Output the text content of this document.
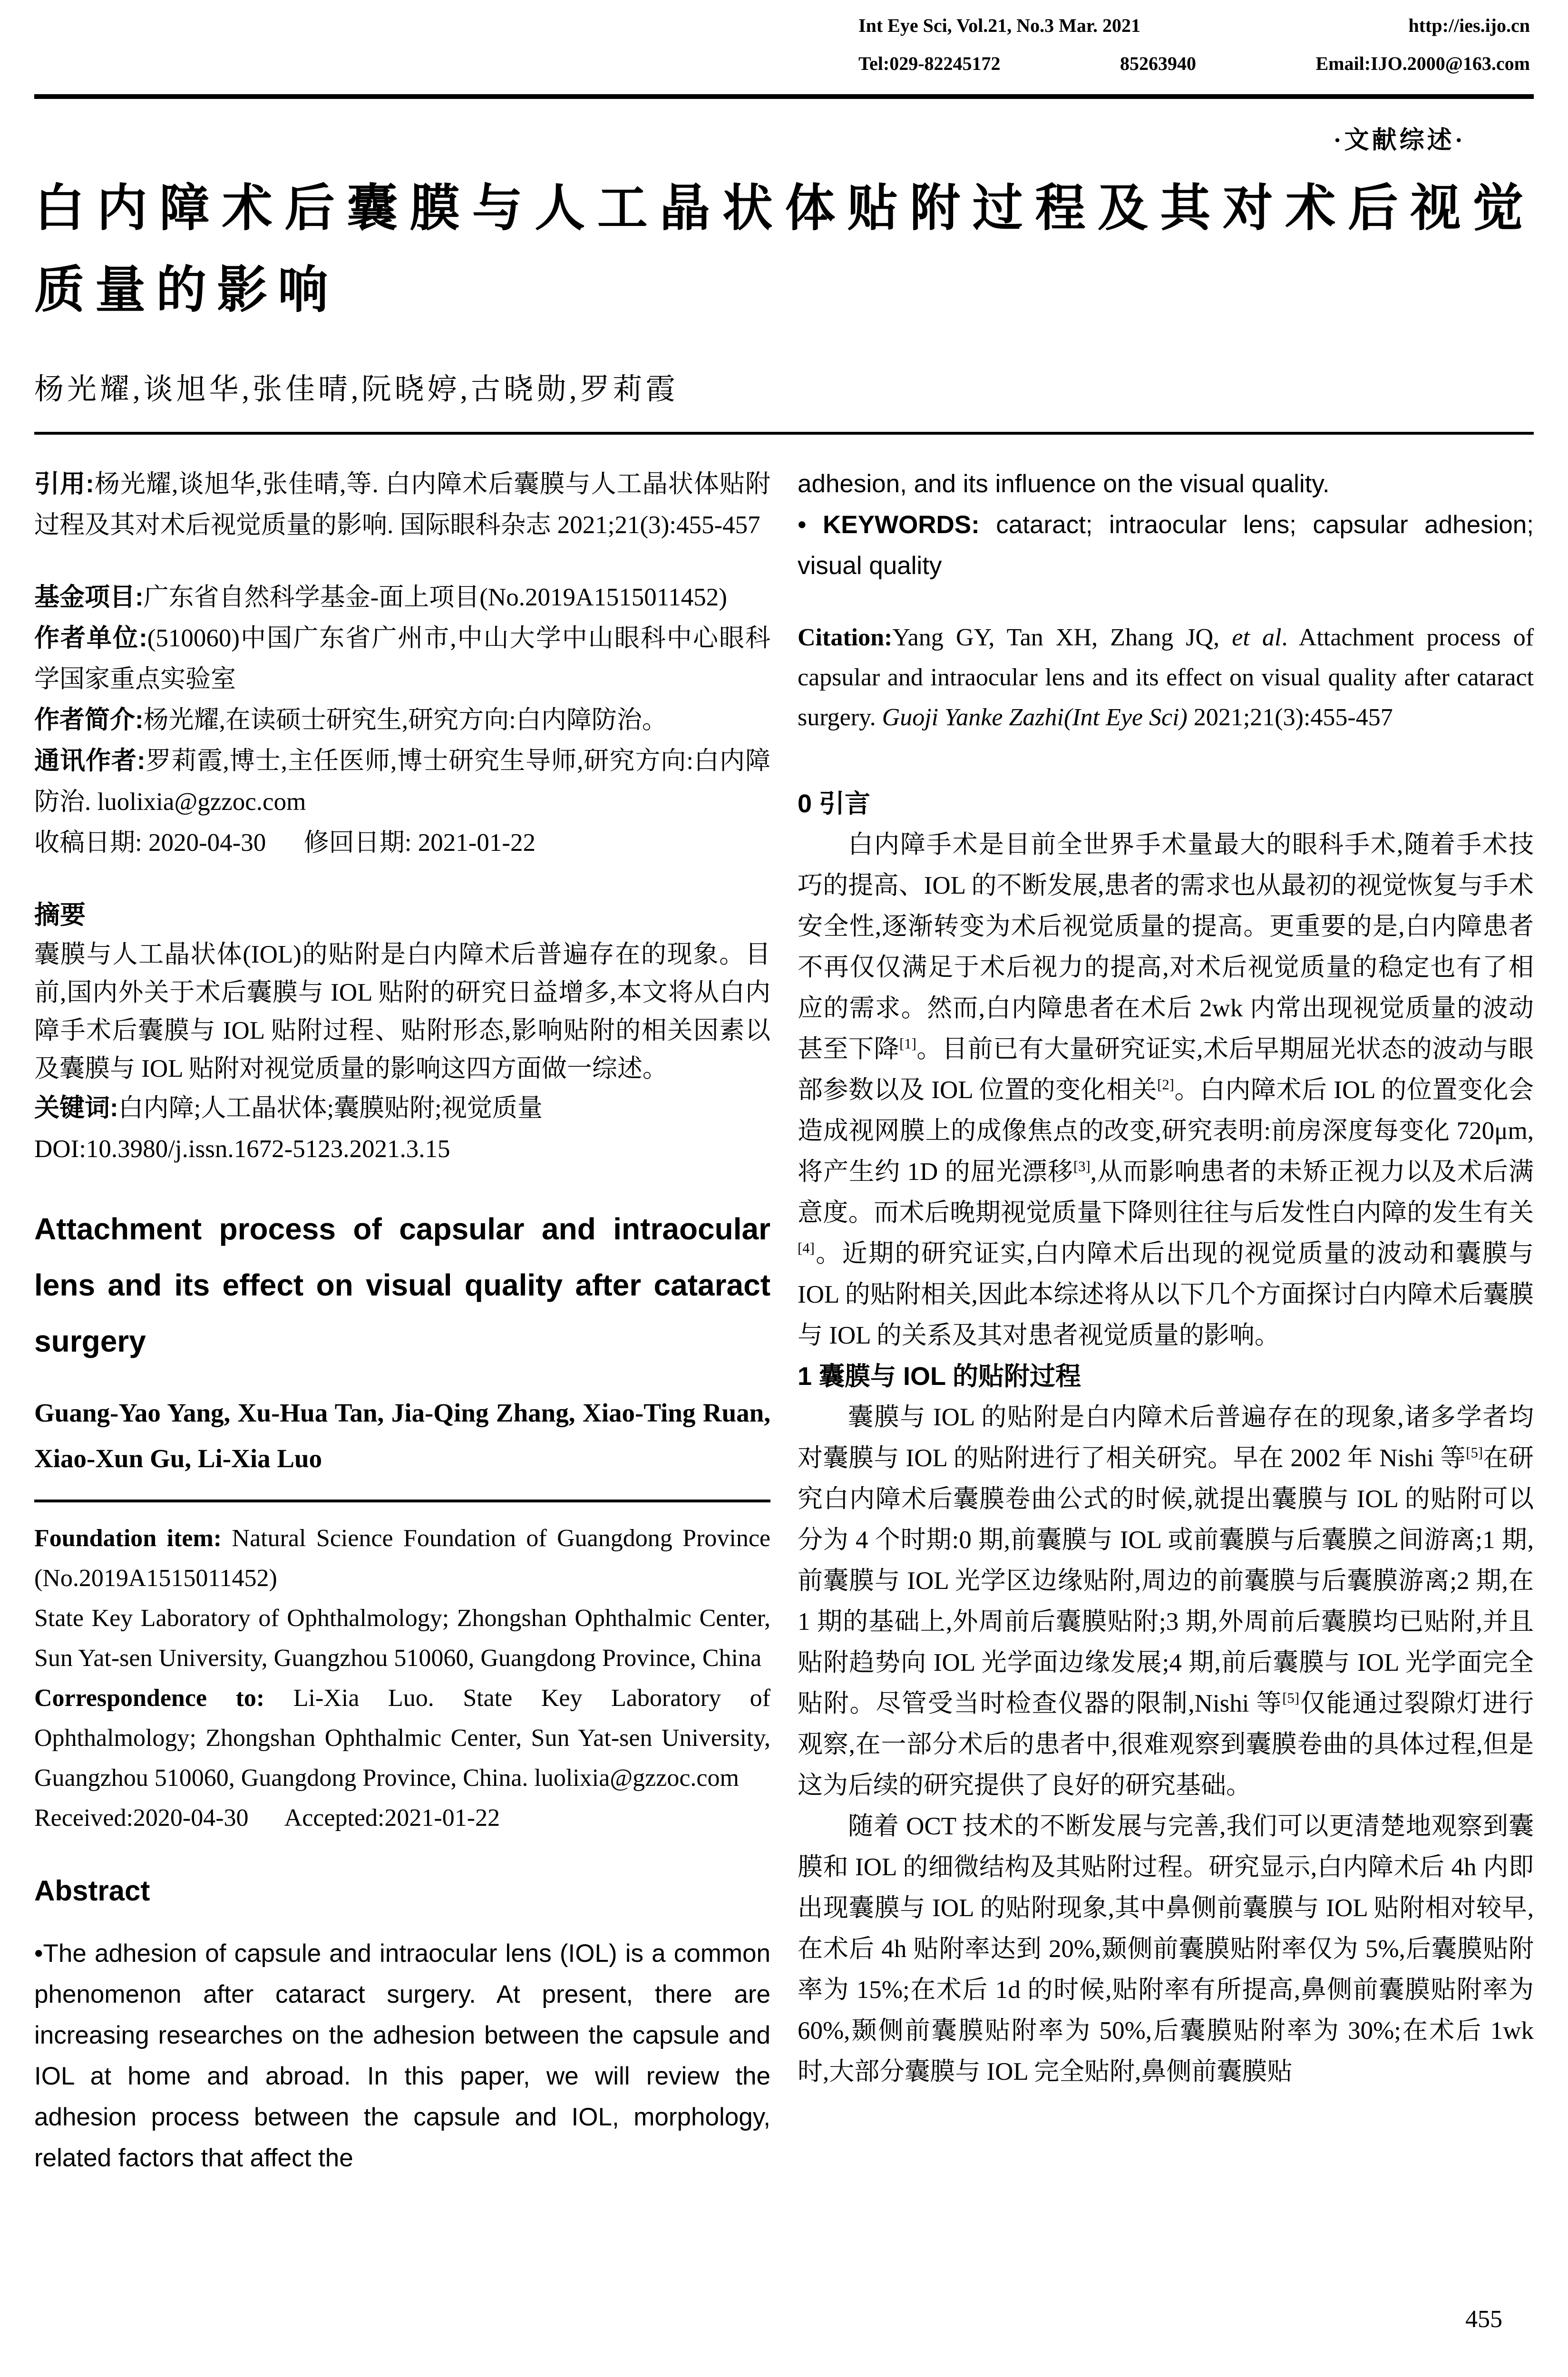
Int Eye Sci, Vol.21, No.3 Mar. 2021	http://ies.ijo.cn
Tel:029-82245172	85263940	Email:IJO.2000@163.com
·文献综述·
白内障术后囊膜与人工晶状体贴附过程及其对术后视觉质量的影响
杨光耀,谈旭华,张佳晴,阮晓婷,古晓勋,罗莉霞

引用:杨光耀,谈旭华,张佳晴,等. 白内障术后囊膜与人工晶状体贴附过程及其对术后视觉质量的影响. 国际眼科杂志 2021;21(3):455-457

基金项目:广东省自然科学基金-面上项目(No.2019A1515011452)

作者单位:(510060)中国广东省广州市,中山大学中山眼科中心眼科学国家重点实验室

作者简介:杨光耀,在读硕士研究生,研究方向:白内障防治。

通讯作者:罗莉霞,博士,主任医师,博士研究生导师,研究方向:白内障防治. luolixia@gzzoc.com

收稿日期: 2020-04-30      修回日期: 2021-01-22

摘要

囊膜与人工晶状体(IOL)的贴附是白内障术后普遍存在的现象。目前,国内外关于术后囊膜与 IOL 贴附的研究日益增多,本文将从白内障手术后囊膜与 IOL 贴附过程、贴附形态,影响贴附的相关因素以及囊膜与 IOL 贴附对视觉质量的影响这四方面做一综述。

关键词:白内障;人工晶状体;囊膜贴附;视觉质量

DOI:10.3980/j.issn.1672-5123.2021.3.15

Attachment process of capsular and intraocular lens and its effect on visual quality after cataract surgery

Guang-Yao Yang, Xu-Hua Tan, Jia-Qing Zhang, Xiao-Ting Ruan, Xiao-Xun Gu, Li-Xia Luo

Foundation item: Natural Science Foundation of Guangdong Province (No.2019A1515011452)

State Key Laboratory of Ophthalmology; Zhongshan Ophthalmic Center, Sun Yat-sen University, Guangzhou 510060, Guangdong Province, China

Correspondence to: Li-Xia Luo. State Key Laboratory of Ophthalmology; Zhongshan Ophthalmic Center, Sun Yat-sen University, Guangzhou 510060, Guangdong Province, China. luolixia@gzzoc.com

Received:2020-04-30      Accepted:2021-01-22

Abstract

•The adhesion of capsule and intraocular lens (IOL) is a common phenomenon after cataract surgery. At present, there are increasing researches on the adhesion between the capsule and IOL at home and abroad. In this paper, we will review the adhesion process between the capsule and IOL, morphology, related factors that affect the

adhesion, and its influence on the visual quality.

• KEYWORDS: cataract; intraocular lens; capsular adhesion; visual quality

Citation:Yang GY, Tan XH, Zhang JQ, et al. Attachment process of capsular and intraocular lens and its effect on visual quality after cataract surgery. Guoji Yanke Zazhi(Int Eye Sci) 2021;21(3):455-457

0 引言

白内障手术是目前全世界手术量最大的眼科手术,随着手术技巧的提高、IOL 的不断发展,患者的需求也从最初的视觉恢复与手术安全性,逐渐转变为术后视觉质量的提高。更重要的是,白内障患者不再仅仅满足于术后视力的提高,对术后视觉质量的稳定也有了相应的需求。然而,白内障患者在术后 2wk 内常出现视觉质量的波动甚至下降[1]。目前已有大量研究证实,术后早期屈光状态的波动与眼部参数以及 IOL 位置的变化相关[2]。白内障术后 IOL 的位置变化会造成视网膜上的成像焦点的改变,研究表明:前房深度每变化 720μm,将产生约 1D 的屈光漂移[3],从而影响患者的未矫正视力以及术后满意度。而术后晚期视觉质量下降则往往与后发性白内障的发生有关[4]。近期的研究证实,白内障术后出现的视觉质量的波动和囊膜与 IOL 的贴附相关,因此本综述将从以下几个方面探讨白内障术后囊膜与 IOL 的关系及其对患者视觉质量的影响。

1 囊膜与 IOL 的贴附过程

囊膜与 IOL 的贴附是白内障术后普遍存在的现象,诸多学者均对囊膜与 IOL 的贴附进行了相关研究。早在 2002 年 Nishi 等[5]在研究白内障术后囊膜卷曲公式的时候,就提出囊膜与 IOL 的贴附可以分为 4 个时期:0 期,前囊膜与 IOL 或前囊膜与后囊膜之间游离;1 期,前囊膜与 IOL 光学区边缘贴附,周边的前囊膜与后囊膜游离;2 期,在 1 期的基础上,外周前后囊膜贴附;3 期,外周前后囊膜均已贴附,并且贴附趋势向 IOL 光学面边缘发展;4 期,前后囊膜与 IOL 光学面完全贴附。尽管受当时检查仪器的限制,Nishi 等[5]仅能通过裂隙灯进行观察,在一部分术后的患者中,很难观察到囊膜卷曲的具体过程,但是这为后续的研究提供了良好的研究基础。

随着 OCT 技术的不断发展与完善,我们可以更清楚地观察到囊膜和 IOL 的细微结构及其贴附过程。研究显示,白内障术后 4h 内即出现囊膜与 IOL 的贴附现象,其中鼻侧前囊膜与 IOL 贴附相对较早,在术后 4h 贴附率达到 20%,颞侧前囊膜贴附率仅为 5%,后囊膜贴附率为 15%;在术后 1d 的时候,贴附率有所提高,鼻侧前囊膜贴附率为 60%,颞侧前囊膜贴附率为 50%,后囊膜贴附率为 30%;在术后 1wk 时,大部分囊膜与 IOL 完全贴附,鼻侧前囊膜贴

455
